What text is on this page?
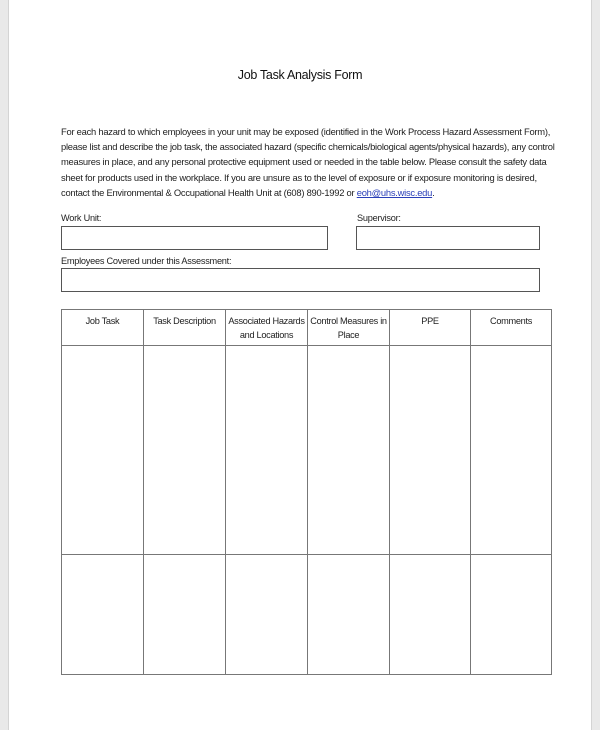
Job Task Analysis Form
For each hazard to which employees in your unit may be exposed (identified in the Work Process Hazard Assessment Form), please list and describe the job task, the associated hazard (specific chemicals/biological agents/physical hazards), any control measures in place, and any personal protective equipment used or needed in the table below. Please consult the safety data sheet for products used in the workplace. If you are unsure as to the level of exposure or if exposure monitoring is desired, contact the Environmental & Occupational Health Unit at (608) 890-1992 or eoh@uhs.wisc.edu.
Work Unit:	Supervisor:
Employees Covered under this Assessment:
Job Task	Task Description	Associated Hazards and Locations	Control Measures in Place	PPE	Comments
